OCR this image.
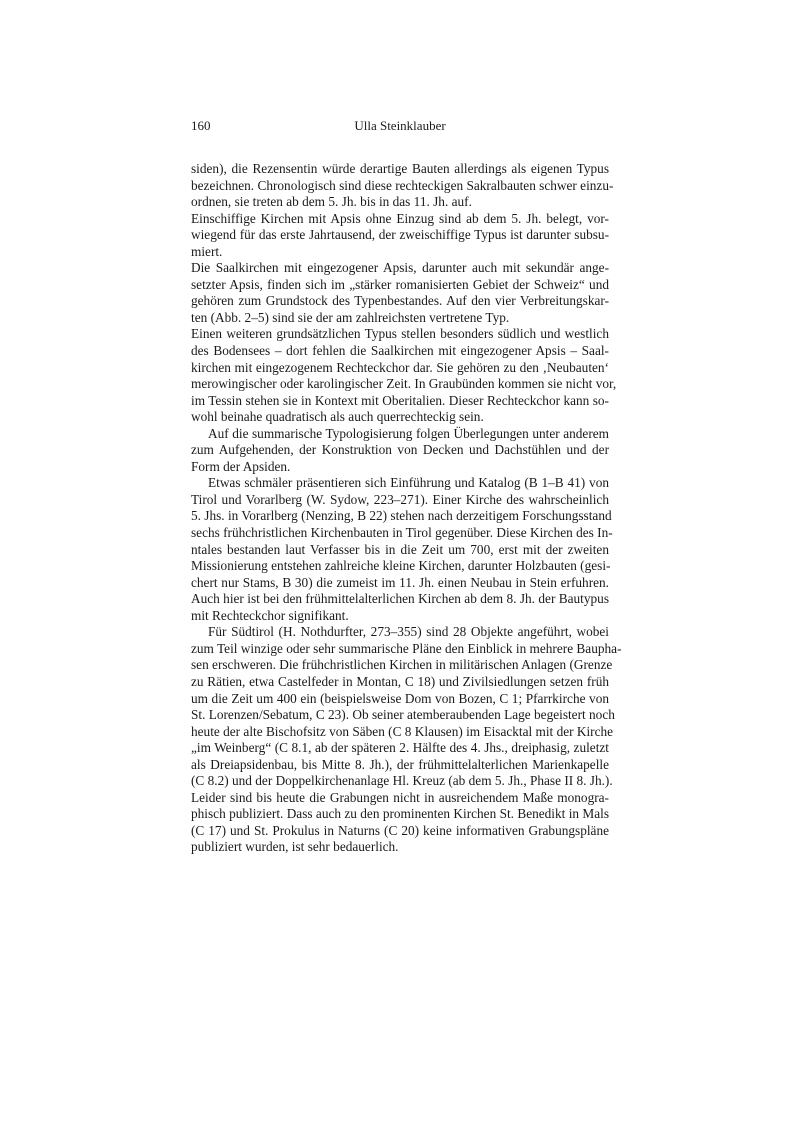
160	Ulla Steinklauber
siden), die Rezensentin würde derartige Bauten allerdings als eigenen Typus
bezeichnen. Chronologisch sind diese rechteckigen Sakralbauten schwer einzu-
ordnen, sie treten ab dem 5. Jh. bis in das 11. Jh. auf.
Einschiffige Kirchen mit Apsis ohne Einzug sind ab dem 5. Jh. belegt, vor-
wiegend für das erste Jahrtausend, der zweischiffige Typus ist darunter subsu-
miert.
Die Saalkirchen mit eingezogener Apsis, darunter auch mit sekundär ange-
setzter Apsis, finden sich im „stärker romanisierten Gebiet der Schweiz“ und
gehören zum Grundstock des Typenbestandes. Auf den vier Verbreitungskar-
ten (Abb. 2–5) sind sie der am zahlreichsten vertretene Typ.
Einen weiteren grundsätzlichen Typus stellen besonders südlich und westlich
des Bodensees – dort fehlen die Saalkirchen mit eingezogener Apsis – Saal-
kirchen mit eingezogenem Rechteckchor dar. Sie gehören zu den ‚Neubauten‘
merowingischer oder karolingischer Zeit. In Graubünden kommen sie nicht vor,
im Tessin stehen sie in Kontext mit Oberitalien. Dieser Rechteckchor kann so-
wohl beinahe quadratisch als auch querrechteckig sein.
Auf die summarische Typologisierung folgen Überlegungen unter anderem
zum Aufgehenden, der Konstruktion von Decken und Dachstühlen und der
Form der Apsiden.
Etwas schmäler präsentieren sich Einführung und Katalog (B 1–B 41) von
Tirol und Vorarlberg (W. Sydow, 223–271). Einer Kirche des wahrscheinlich
5. Jhs. in Vorarlberg (Nenzing, B 22) stehen nach derzeitigem Forschungsstand
sechs frühchristlichen Kirchenbauten in Tirol gegenüber. Diese Kirchen des In-
ntales bestanden laut Verfasser bis in die Zeit um 700, erst mit der zweiten
Missionierung entstehen zahlreiche kleine Kirchen, darunter Holzbauten (gesi-
chert nur Stams, B 30) die zumeist im 11. Jh. einen Neubau in Stein erfuhren.
Auch hier ist bei den frühmittelalterlichen Kirchen ab dem 8. Jh. der Bautypus
mit Rechteckchor signifikant.
Für Südtirol (H. Nothdurfter, 273–355) sind 28 Objekte angeführt, wobei
zum Teil winzige oder sehr summarische Pläne den Einblick in mehrere Baupha-
sen erschweren. Die frühchristlichen Kirchen in militärischen Anlagen (Grenze
zu Rätien, etwa Castelfeder in Montan, C 18) und Zivilsiedlungen setzen früh
um die Zeit um 400 ein (beispielsweise Dom von Bozen, C 1; Pfarrkirche von
St. Lorenzen/Sebatum, C 23). Ob seiner atemberaubenden Lage begeistert noch
heute der alte Bischofsitz von Säben (C 8 Klausen) im Eisacktal mit der Kirche
„im Weinberg“ (C 8.1, ab der späteren 2. Hälfte des 4. Jhs., dreiphasig, zuletzt
als Dreiapsidenbau, bis Mitte 8. Jh.), der frühmittelalterlichen Marienkapelle
(C 8.2) und der Doppelkirchenanlage Hl. Kreuz (ab dem 5. Jh., Phase II 8. Jh.).
Leider sind bis heute die Grabungen nicht in ausreichendem Maße monogra-
phisch publiziert. Dass auch zu den prominenten Kirchen St. Benedikt in Mals
(C 17) und St. Prokulus in Naturns (C 20) keine informativen Grabungspläne
publiziert wurden, ist sehr bedauerlich.
